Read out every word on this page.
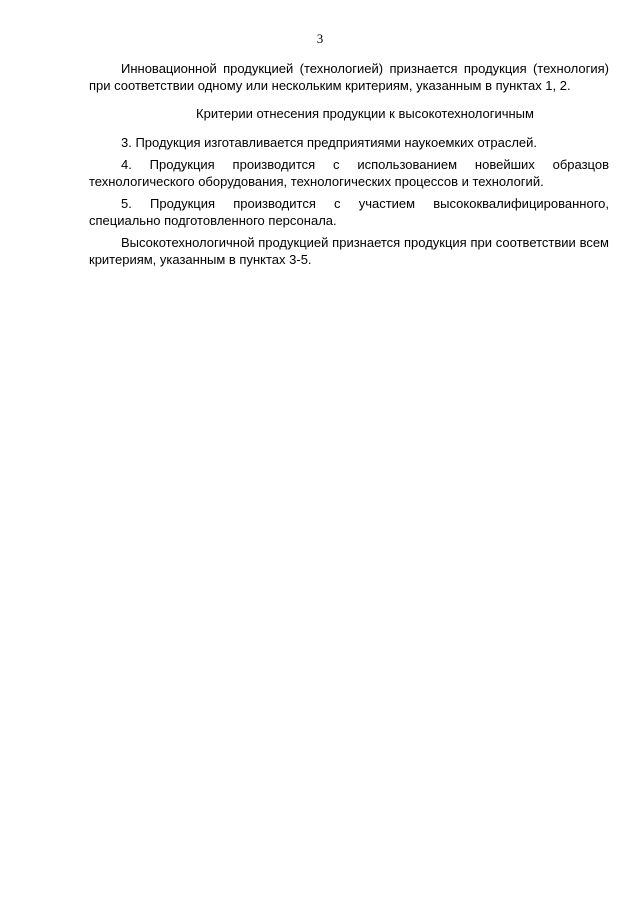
3

Инновационной продукцией (технологией) признается продукция (технология) при соответствии одному или нескольким критериям, указанным в пунктах 1, 2.

Критерии отнесения продукции к высокотехнологичным

3. Продукция изготавливается предприятиями наукоемких отраслей.

4. Продукция производится с использованием новейших образцов технологического оборудования, технологических процессов и технологий.

5. Продукция производится с участием высококвалифицированного, специально подготовленного персонала.

Высокотехнологичной продукцией признается продукция при соответствии всем критериям, указанным в пунктах 3-5.
